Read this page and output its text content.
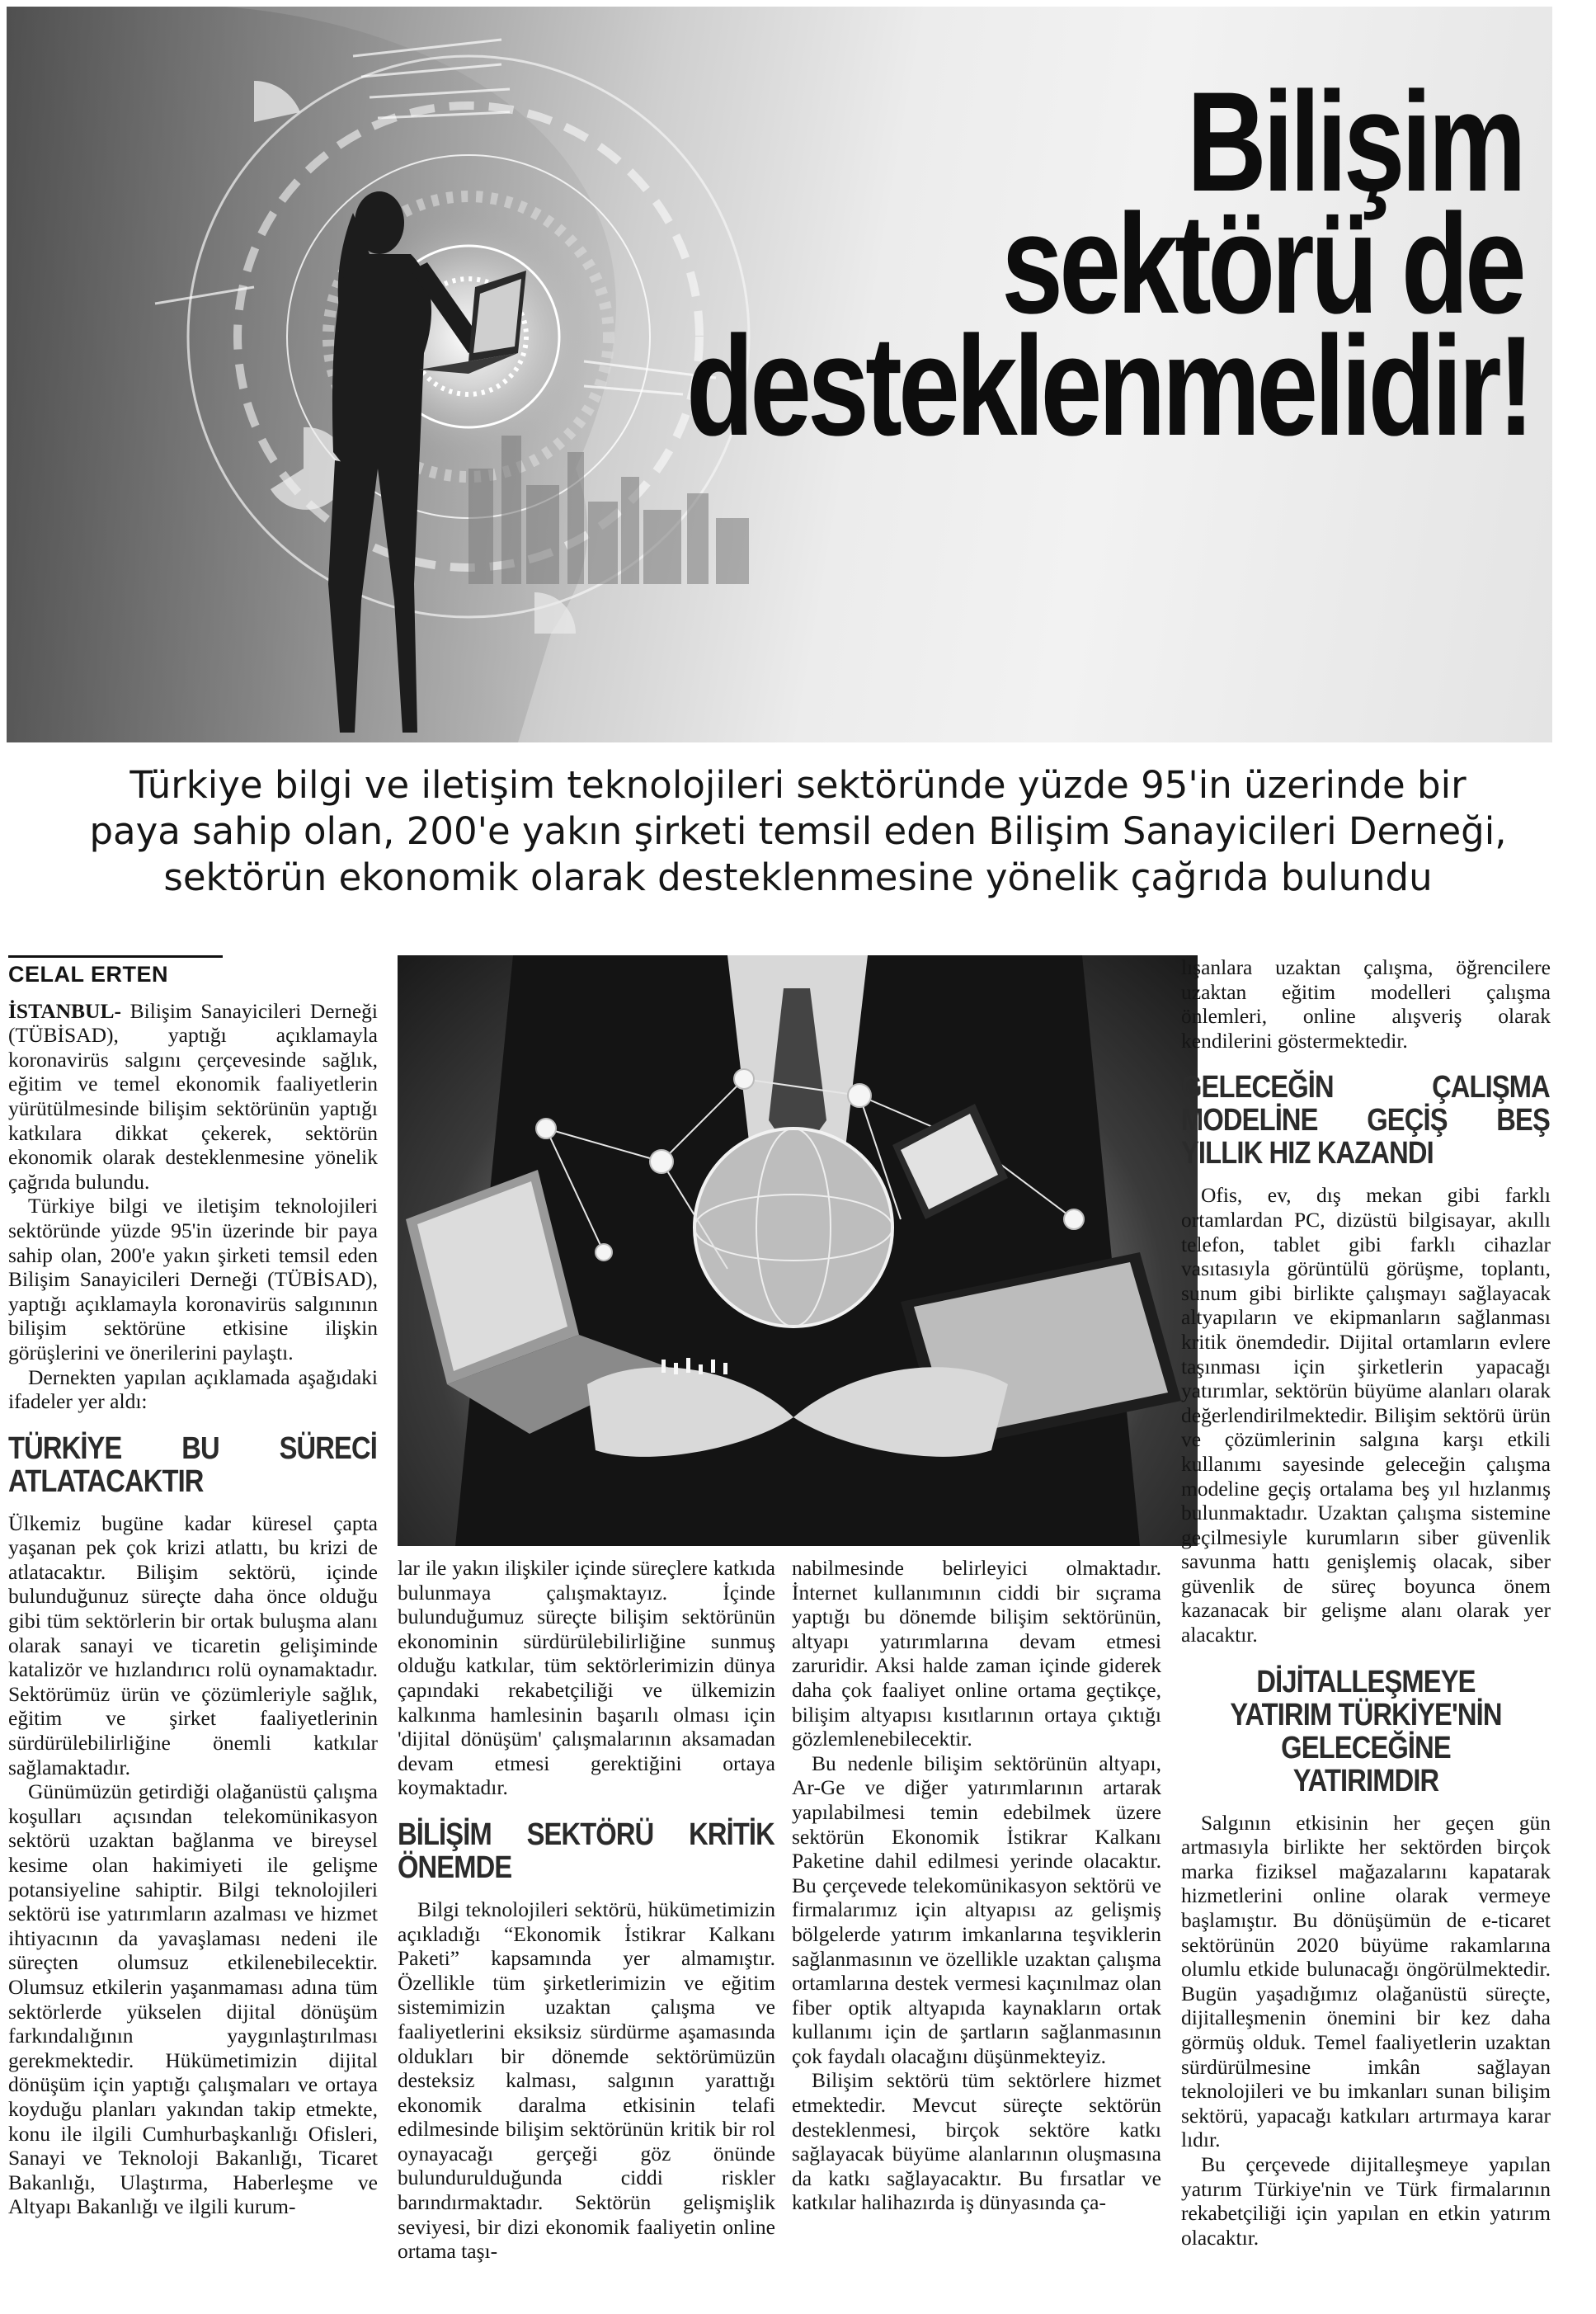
Bilişim
sektörü de
desteklenmelidir!
Türkiye bilgi ve iletişim teknolojileri sektöründe yüzde 95'in üzerinde bir
paya sahip olan, 200'e yakın şirketi temsil eden Bilişim Sanayicileri Derneği,
sektörün ekonomik olarak desteklenmesine yönelik çağrıda bulundu
CELAL ERTEN

İSTANBUL- Bilişim Sanayicileri Derneği (TÜBİSAD), yaptığı açıklamayla koronavirüs salgını çerçevesinde sağlık, eğitim ve temel ekonomik faaliyetlerin yürütülmesinde bilişim sektörünün yaptığı katkılara dikkat çekerek, sektörün ekonomik olarak desteklenmesine yönelik çağrıda bulundu.

Türkiye bilgi ve iletişim teknolojileri sektöründe yüzde 95'in üzerinde bir paya sahip olan, 200'e yakın şirketi temsil eden Bilişim Sanayicileri Derneği (TÜBİSAD), yaptığı açıklamayla koronavirüs salgınının bilişim sektörüne etkisine ilişkin görüşlerini ve önerilerini paylaştı.

Dernekten yapılan açıklamada aşağıdaki ifadeler yer aldı:

TÜRKİYE BU SÜRECİ ATLATACAKTIR

Ülkemiz bugüne kadar küresel çapta yaşanan pek çok krizi atlattı, bu krizi de atlatacaktır. Bilişim sektörü, içinde bulunduğunuz süreçte daha önce olduğu gibi tüm sektörlerin bir ortak buluşma alanı olarak sanayi ve ticaretin gelişiminde katalizör ve hızlandırıcı rolü oynamaktadır. Sektörümüz ürün ve çözümleriyle sağlık, eğitim ve şirket faaliyetlerinin sürdürülebilirliğine önemli katkılar sağlamaktadır.

Günümüzün getirdiği olağanüstü çalışma koşulları açısından telekomünikasyon sektörü uzaktan bağlanma ve bireysel kesime olan hakimiyeti ile gelişme potansiyeline sahiptir. Bilgi teknolojileri sektörü ise yatırımların azalması ve hizmet ihtiyacının da yavaşlaması nedeni ile süreçten olumsuz etkilenebilecektir. Olumsuz etkilerin yaşanmaması adına tüm sektörlerde yükselen dijital dönüşüm farkındalığının yaygınlaştırılması gerekmektedir. Hükümetimizin dijital dönüşüm için yaptığı çalışmaları ve ortaya koyduğu planları yakından takip etmekte, konu ile ilgili Cumhurbaşkanlığı Ofisleri, Sanayi ve Teknoloji Bakanlığı, Ticaret Bakanlığı, Ulaştırma, Haberleşme ve Altyapı Bakanlığı ve ilgili kurum-

lar ile yakın ilişkiler içinde süreçlere katkıda bulunmaya çalışmaktayız. İçinde bulunduğumuz süreçte bilişim sektörünün ekonominin sürdürülebilirliğine sunmuş olduğu katkılar, tüm sektörlerimizin dünya çapındaki rekabetçiliği ve ülkemizin kalkınma hamlesinin başarılı olması için 'dijital dönüşüm' çalışmalarının aksamadan devam etmesi gerektiğini ortaya koymaktadır.

BİLİŞİM SEKTÖRÜ KRİTİK ÖNEMDE

Bilgi teknolojileri sektörü, hükümetimizin açıkladığı “Ekonomik İstikrar Kalkanı Paketi” kapsamında yer almamıştır. Özellikle tüm şirketlerimizin ve eğitim sistemimizin uzaktan çalışma ve faaliyetlerini eksiksiz sürdürme aşamasında oldukları bir dönemde sektörümüzün desteksiz kalması, salgının yarattığı ekonomik daralma etkisinin telafi edilmesinde bilişim sektörünün kritik bir rol oynayacağı gerçeği göz önünde bulundurulduğunda ciddi riskler barındırmaktadır. Sektörün gelişmişlik seviyesi, bir dizi ekonomik faaliyetin online ortama taşı-

nabilmesinde belirleyici olmaktadır. İnternet kullanımının ciddi bir sıçrama yaptığı bu dönemde bilişim sektörünün, altyapı yatırımlarına devam etmesi zaruridir. Aksi halde zaman içinde giderek daha çok faaliyet online ortama geçtikçe, bilişim altyapısı kısıtlarının ortaya çıktığı gözlemlenebilecektir.

Bu nedenle bilişim sektörünün altyapı, Ar-Ge ve diğer yatırımlarının artarak yapılabilmesi temin edebilmek üzere sektörün Ekonomik İstikrar Kalkanı Paketine dahil edilmesi yerinde olacaktır. Bu çerçevede telekomünikasyon sektörü ve firmalarımız için altyapısı az gelişmiş bölgelerde yatırım imkanlarına teşviklerin sağlanmasının ve özellikle uzaktan çalışma ortamlarına destek vermesi kaçınılmaz olan fiber optik altyapıda kaynakların ortak kullanımı için de şartların sağlanmasının çok faydalı olacağını düşünmekteyiz.

Bilişim sektörü tüm sektörlere hizmet etmektedir. Mevcut süreçte sektörün desteklenmesi, birçok sektöre katkı sağlayacak büyüme alanlarının oluşmasına da katkı sağlayacaktır. Bu fırsatlar ve katkılar halihazırda iş dünyasında ça-

lışanlara uzaktan çalışma, öğrencilere uzaktan eğitim modelleri çalışma önlemleri, online alışveriş olarak kendilerini göstermektedir.

GELECEĞİN ÇALIŞMA MODELİNE GEÇİŞ BEŞ YILLIK HIZ KAZANDI

Ofis, ev, dış mekan gibi farklı ortamlardan PC, dizüstü bilgisayar, akıllı telefon, tablet gibi farklı cihazlar vasıtasıyla görüntülü görüşme, toplantı, sunum gibi birlikte çalışmayı sağlayacak altyapıların ve ekipmanların sağlanması kritik önemdedir. Dijital ortamların evlere taşınması için şirketlerin yapacağı yatırımlar, sektörün büyüme alanları olarak değerlendirilmektedir. Bilişim sektörü ürün ve çözümlerinin salgına karşı etkili kullanımı sayesinde geleceğin çalışma modeline geçiş ortalama beş yıl hızlanmış bulunmaktadır. Uzaktan çalışma sistemine geçilmesiyle kurumların siber güvenlik savunma hattı genişlemiş olacak, siber güvenlik de süreç boyunca önem kazanacak bir gelişme alanı olarak yer alacaktır.

DİJİTALLEŞMEYE YATIRIM TÜRKİYE'NİN GELECEĞİNE YATIRIMDIR

Salgının etkisinin her geçen gün artmasıyla birlikte her sektörden birçok marka fiziksel mağazalarını kapatarak hizmetlerini online olarak vermeye başlamıştır. Bu dönüşümün de e-ticaret sektörünün 2020 büyüme rakamlarına olumlu etkide bulunacağı öngörülmektedir. Bugün yaşadığımız olağanüstü süreçte, dijitalleşmenin önemini bir kez daha görmüş olduk. Temel faaliyetlerin uzaktan sürdürülmesine imkân sağlayan teknolojileri ve bu imkanları sunan bilişim sektörü, yapacağı katkıları artırmaya karar lıdır.

Bu çerçevede dijitalleşmeye yapılan yatırım Türkiye'nin ve Türk firmalarının rekabetçiliği için yapılan en etkin yatırım olacaktır.
